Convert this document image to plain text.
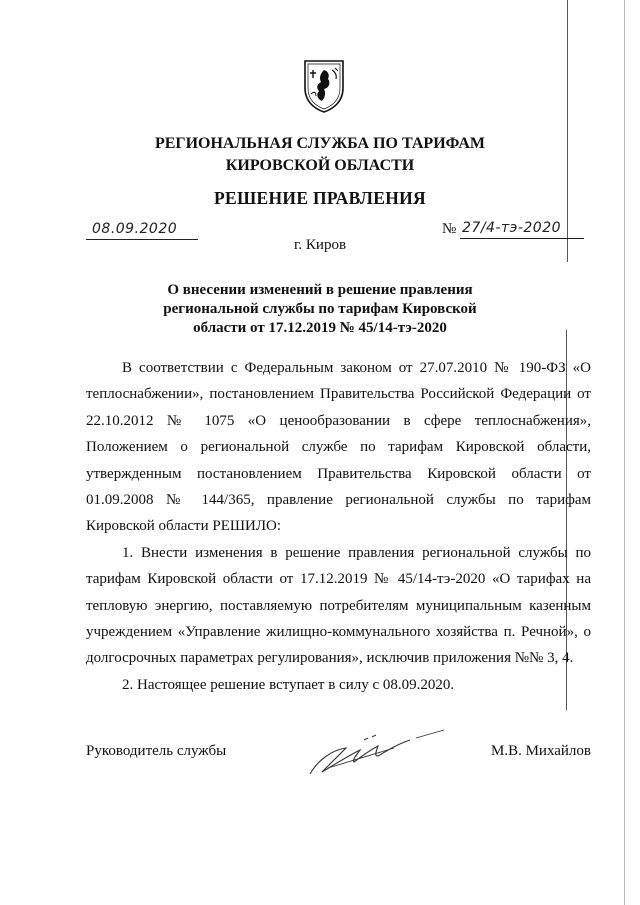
РЕГИОНАЛЬНАЯ СЛУЖБА ПО ТАРИФАМ
КИРОВСКОЙ ОБЛАСТИ
РЕШЕНИЕ ПРАВЛЕНИЯ
08.09.2020	№ 27/4-тэ-2020
г. Киров
О внесении изменений в решение правления
региональной службы по тарифам Кировской
области от 17.12.2019 № 45/14-тэ-2020

В соответствии с Федеральным законом от 27.07.2010 № 190-ФЗ «О теплоснабжении», постановлением Правительства Российской Федерации от 22.10.2012 № 1075 «О ценообразовании в сфере теплоснабжения», Положением о региональной службе по тарифам Кировской области, утвержденным постановлением Правительства Кировской области от 01.09.2008 № 144/365, правление региональной службы по тарифам Кировской области РЕШИЛО:

1. Внести изменения в решение правления региональной службы по тарифам Кировской области от 17.12.2019 № 45/14-тэ-2020 «О тарифах на тепловую энергию, поставляемую потребителям муниципальным казенным учреждением «Управление жилищно-коммунального хозяйства п. Речной», о долгосрочных параметрах регулирования», исключив приложения №№ 3, 4.

2. Настоящее решение вступает в силу с 08.09.2020.

Руководитель службы	М.В. Михайлов
